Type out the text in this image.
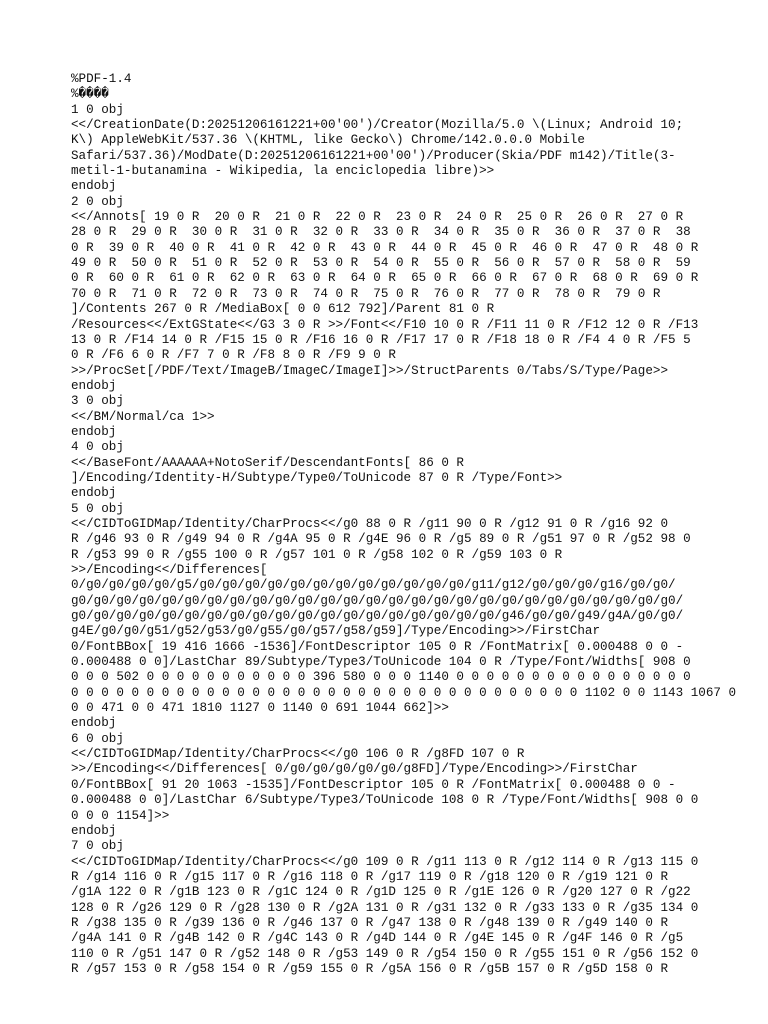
%PDF-1.4
%����
1 0 obj
<</CreationDate(D:20251206161221+00'00')/Creator(Mozilla/5.0 \(Linux; Android 10;
K\) AppleWebKit/537.36 \(KHTML, like Gecko\) Chrome/142.0.0.0 Mobile
Safari/537.36)/ModDate(D:20251206161221+00'00')/Producer(Skia/PDF m142)/Title(3-
metil-1-butanamina - Wikipedia, la enciclopedia libre)>>
endobj
2 0 obj
<</Annots[ 19 0 R  20 0 R  21 0 R  22 0 R  23 0 R  24 0 R  25 0 R  26 0 R  27 0 R
28 0 R  29 0 R  30 0 R  31 0 R  32 0 R  33 0 R  34 0 R  35 0 R  36 0 R  37 0 R  38
0 R  39 0 R  40 0 R  41 0 R  42 0 R  43 0 R  44 0 R  45 0 R  46 0 R  47 0 R  48 0 R
49 0 R  50 0 R  51 0 R  52 0 R  53 0 R  54 0 R  55 0 R  56 0 R  57 0 R  58 0 R  59
0 R  60 0 R  61 0 R  62 0 R  63 0 R  64 0 R  65 0 R  66 0 R  67 0 R  68 0 R  69 0 R
70 0 R  71 0 R  72 0 R  73 0 R  74 0 R  75 0 R  76 0 R  77 0 R  78 0 R  79 0 R
]/Contents 267 0 R /MediaBox[ 0 0 612 792]/Parent 81 0 R
/Resources<</ExtGState<</G3 3 0 R >>/Font<</F10 10 0 R /F11 11 0 R /F12 12 0 R /F13
13 0 R /F14 14 0 R /F15 15 0 R /F16 16 0 R /F17 17 0 R /F18 18 0 R /F4 4 0 R /F5 5
0 R /F6 6 0 R /F7 7 0 R /F8 8 0 R /F9 9 0 R
>>/ProcSet[/PDF/Text/ImageB/ImageC/ImageI]>>/StructParents 0/Tabs/S/Type/Page>>
endobj
3 0 obj
<</BM/Normal/ca 1>>
endobj
4 0 obj
<</BaseFont/AAAAAA+NotoSerif/DescendantFonts[ 86 0 R
]/Encoding/Identity-H/Subtype/Type0/ToUnicode 87 0 R /Type/Font>>
endobj
5 0 obj
<</CIDToGIDMap/Identity/CharProcs<</g0 88 0 R /g11 90 0 R /g12 91 0 R /g16 92 0
R /g46 93 0 R /g49 94 0 R /g4A 95 0 R /g4E 96 0 R /g5 89 0 R /g51 97 0 R /g52 98 0
R /g53 99 0 R /g55 100 0 R /g57 101 0 R /g58 102 0 R /g59 103 0 R
>>/Encoding<</Differences[
0/g0/g0/g0/g0/g5/g0/g0/g0/g0/g0/g0/g0/g0/g0/g0/g0/g0/g11/g12/g0/g0/g0/g16/g0/g0/
g0/g0/g0/g0/g0/g0/g0/g0/g0/g0/g0/g0/g0/g0/g0/g0/g0/g0/g0/g0/g0/g0/g0/g0/g0/g0/g0/
g0/g0/g0/g0/g0/g0/g0/g0/g0/g0/g0/g0/g0/g0/g0/g0/g0/g0/g0/g46/g0/g0/g49/g4A/g0/g0/
g4E/g0/g0/g51/g52/g53/g0/g55/g0/g57/g58/g59]/Type/Encoding>>/FirstChar
0/FontBBox[ 19 416 1666 -1536]/FontDescriptor 105 0 R /FontMatrix[ 0.000488 0 0 -
0.000488 0 0]/LastChar 89/Subtype/Type3/ToUnicode 104 0 R /Type/Font/Widths[ 908 0
0 0 0 502 0 0 0 0 0 0 0 0 0 0 0 396 580 0 0 0 1140 0 0 0 0 0 0 0 0 0 0 0 0 0 0 0 0
0 0 0 0 0 0 0 0 0 0 0 0 0 0 0 0 0 0 0 0 0 0 0 0 0 0 0 0 0 0 0 0 0 0 1102 0 0 1143 1067 0
0 0 471 0 0 471 1810 1127 0 1140 0 691 1044 662]>>
endobj
6 0 obj
<</CIDToGIDMap/Identity/CharProcs<</g0 106 0 R /g8FD 107 0 R
>>/Encoding<</Differences[ 0/g0/g0/g0/g0/g0/g8FD]/Type/Encoding>>/FirstChar
0/FontBBox[ 91 20 1063 -1535]/FontDescriptor 105 0 R /FontMatrix[ 0.000488 0 0 -
0.000488 0 0]/LastChar 6/Subtype/Type3/ToUnicode 108 0 R /Type/Font/Widths[ 908 0 0
0 0 0 1154]>>
endobj
7 0 obj
<</CIDToGIDMap/Identity/CharProcs<</g0 109 0 R /g11 113 0 R /g12 114 0 R /g13 115 0
R /g14 116 0 R /g15 117 0 R /g16 118 0 R /g17 119 0 R /g18 120 0 R /g19 121 0 R
/g1A 122 0 R /g1B 123 0 R /g1C 124 0 R /g1D 125 0 R /g1E 126 0 R /g20 127 0 R /g22
128 0 R /g26 129 0 R /g28 130 0 R /g2A 131 0 R /g31 132 0 R /g33 133 0 R /g35 134 0
R /g38 135 0 R /g39 136 0 R /g46 137 0 R /g47 138 0 R /g48 139 0 R /g49 140 0 R
/g4A 141 0 R /g4B 142 0 R /g4C 143 0 R /g4D 144 0 R /g4E 145 0 R /g4F 146 0 R /g5
110 0 R /g51 147 0 R /g52 148 0 R /g53 149 0 R /g54 150 0 R /g55 151 0 R /g56 152 0
R /g57 153 0 R /g58 154 0 R /g59 155 0 R /g5A 156 0 R /g5B 157 0 R /g5D 158 0 R
